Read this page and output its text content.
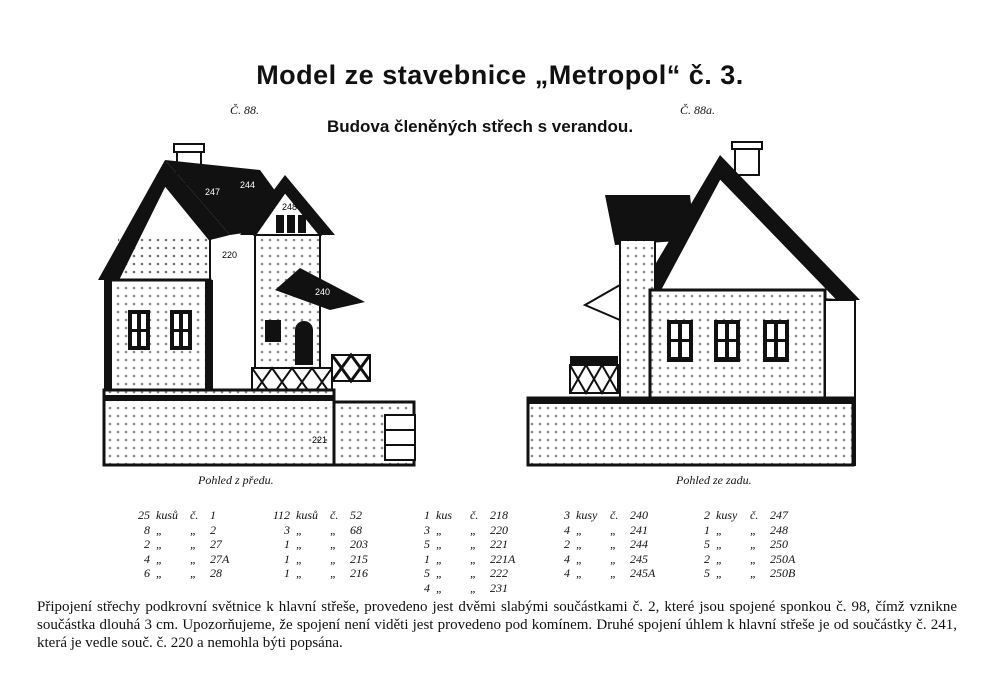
Model ze stavebnice „Metropol“ č. 3.
Č. 88.	Č. 88a.
Budova členěných střech s verandou.
247
244
248
220
240
221
Pohled z předu.	Pohled ze zadu.
25 kusů	č. 1
8 „	„	2
2 „	„	27
4 „	„	27A
6 „	„	28
112 kusů	č. 52
3 „	„	68
1 „	„	203
1 „	„	215
1 „	„	216
1 kus	č. 218
3 „	„	220
5 „	„	221
1 „	„	221A
5 „	„	222
4 „	„	231
3 kusy	č. 240
4 „	„	241
2 „	„	244
4 „	„	245
4 „	„	245A
2 kusy	č. 247
1 „	„	248
5 „	„	250
2 „	„	250A
5 „	„	250B
Připojení střechy podkrovní světnice k hlavní střeše, provedeno jest dvěmi slabými součástkami č. 2, které jsou spojené sponkou č. 98, čímž vznikne součástka dlouhá 3 cm. Upozorňujeme, že spojení není viděti jest provedeno pod komínem. Druhé spojení úhlem k hlavní střeše je od součástky č. 241, která je vedle souč. č. 220 a nemohla býti popsána.
